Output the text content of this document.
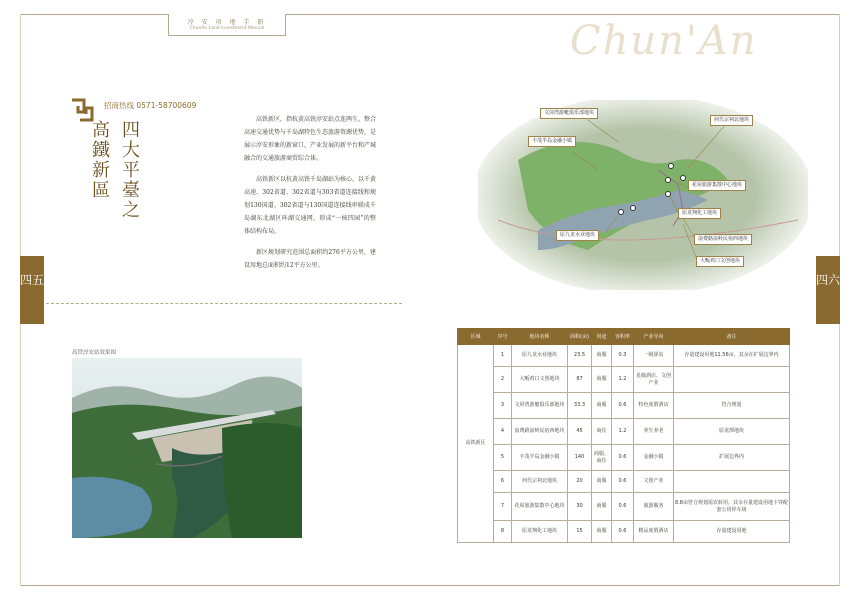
淳 安 項 地 手 冊
ChunAn Land Investment Manual	Chun'An
招商热线 0571-58700609
四大平臺之
高鐵新區

高铁新区，指杭黄高铁淳安站点连两生，整合高速交通优势与千岛湖特色生态旅游资源优势，是展示淳安形象的新窗口，产业发展的新平台和产城融合的交通旅游商贸综合体。

高铁新区以杭黄高铁千岛湖站为核心，以千黄高速、302省道、302省道与303省道连接线和规划130国道、302省道与130国道连接线串联成千岛湖东北湖区环湖交通网，形成“一核四园”的整体结构布局。

新区规划研究范围总面积约276平方公里，建设用地总面积约12平方公里。

四五	四六
高铁淳安站效果图
文屏湾游艇俱乐部地块
丰茂半岛金融小镇
何氏宗祠北地块
花屋旅游集散中心地块
原龙翔化工地块
原九龙水业地块
浪费路浪岭民宿西地块
大畈鸡口文创地块
区域	序号	地块名称	面积(亩)	用途	容积率	产业导向	备注
高铁新区	1	原九龙水业地块	23.5	商服	0.3	一级驿站	存量建设用地11.56亩，其余在扩展边界内
	2	大畈鸡口文创地块	87	商服	1.2	星级酒店、文创产业	
	3	文屏湾游艇俱乐部地块	33.3	商服	0.6	特色度假酒店	符合规划
	4	浪费路浪岭民宿西地块	45	商住	1.2	养生养老	原龙潭地块
	5	丰茂半岛金融小镇	140	商服、商住	0.6	金融小镇	扩展边界内
	6	何氏宗祠北地块	20	商服	0.6	文创产业	
	7	花屋旅游集散中心地块	30	商服	0.6	旅游服务	8.8亩符合规划需农转用，其余存量建设用地下穿配套公用停车场
	8	原龙翔化工地块	15	商服	0.6	精品度假酒店	存量建设用地
